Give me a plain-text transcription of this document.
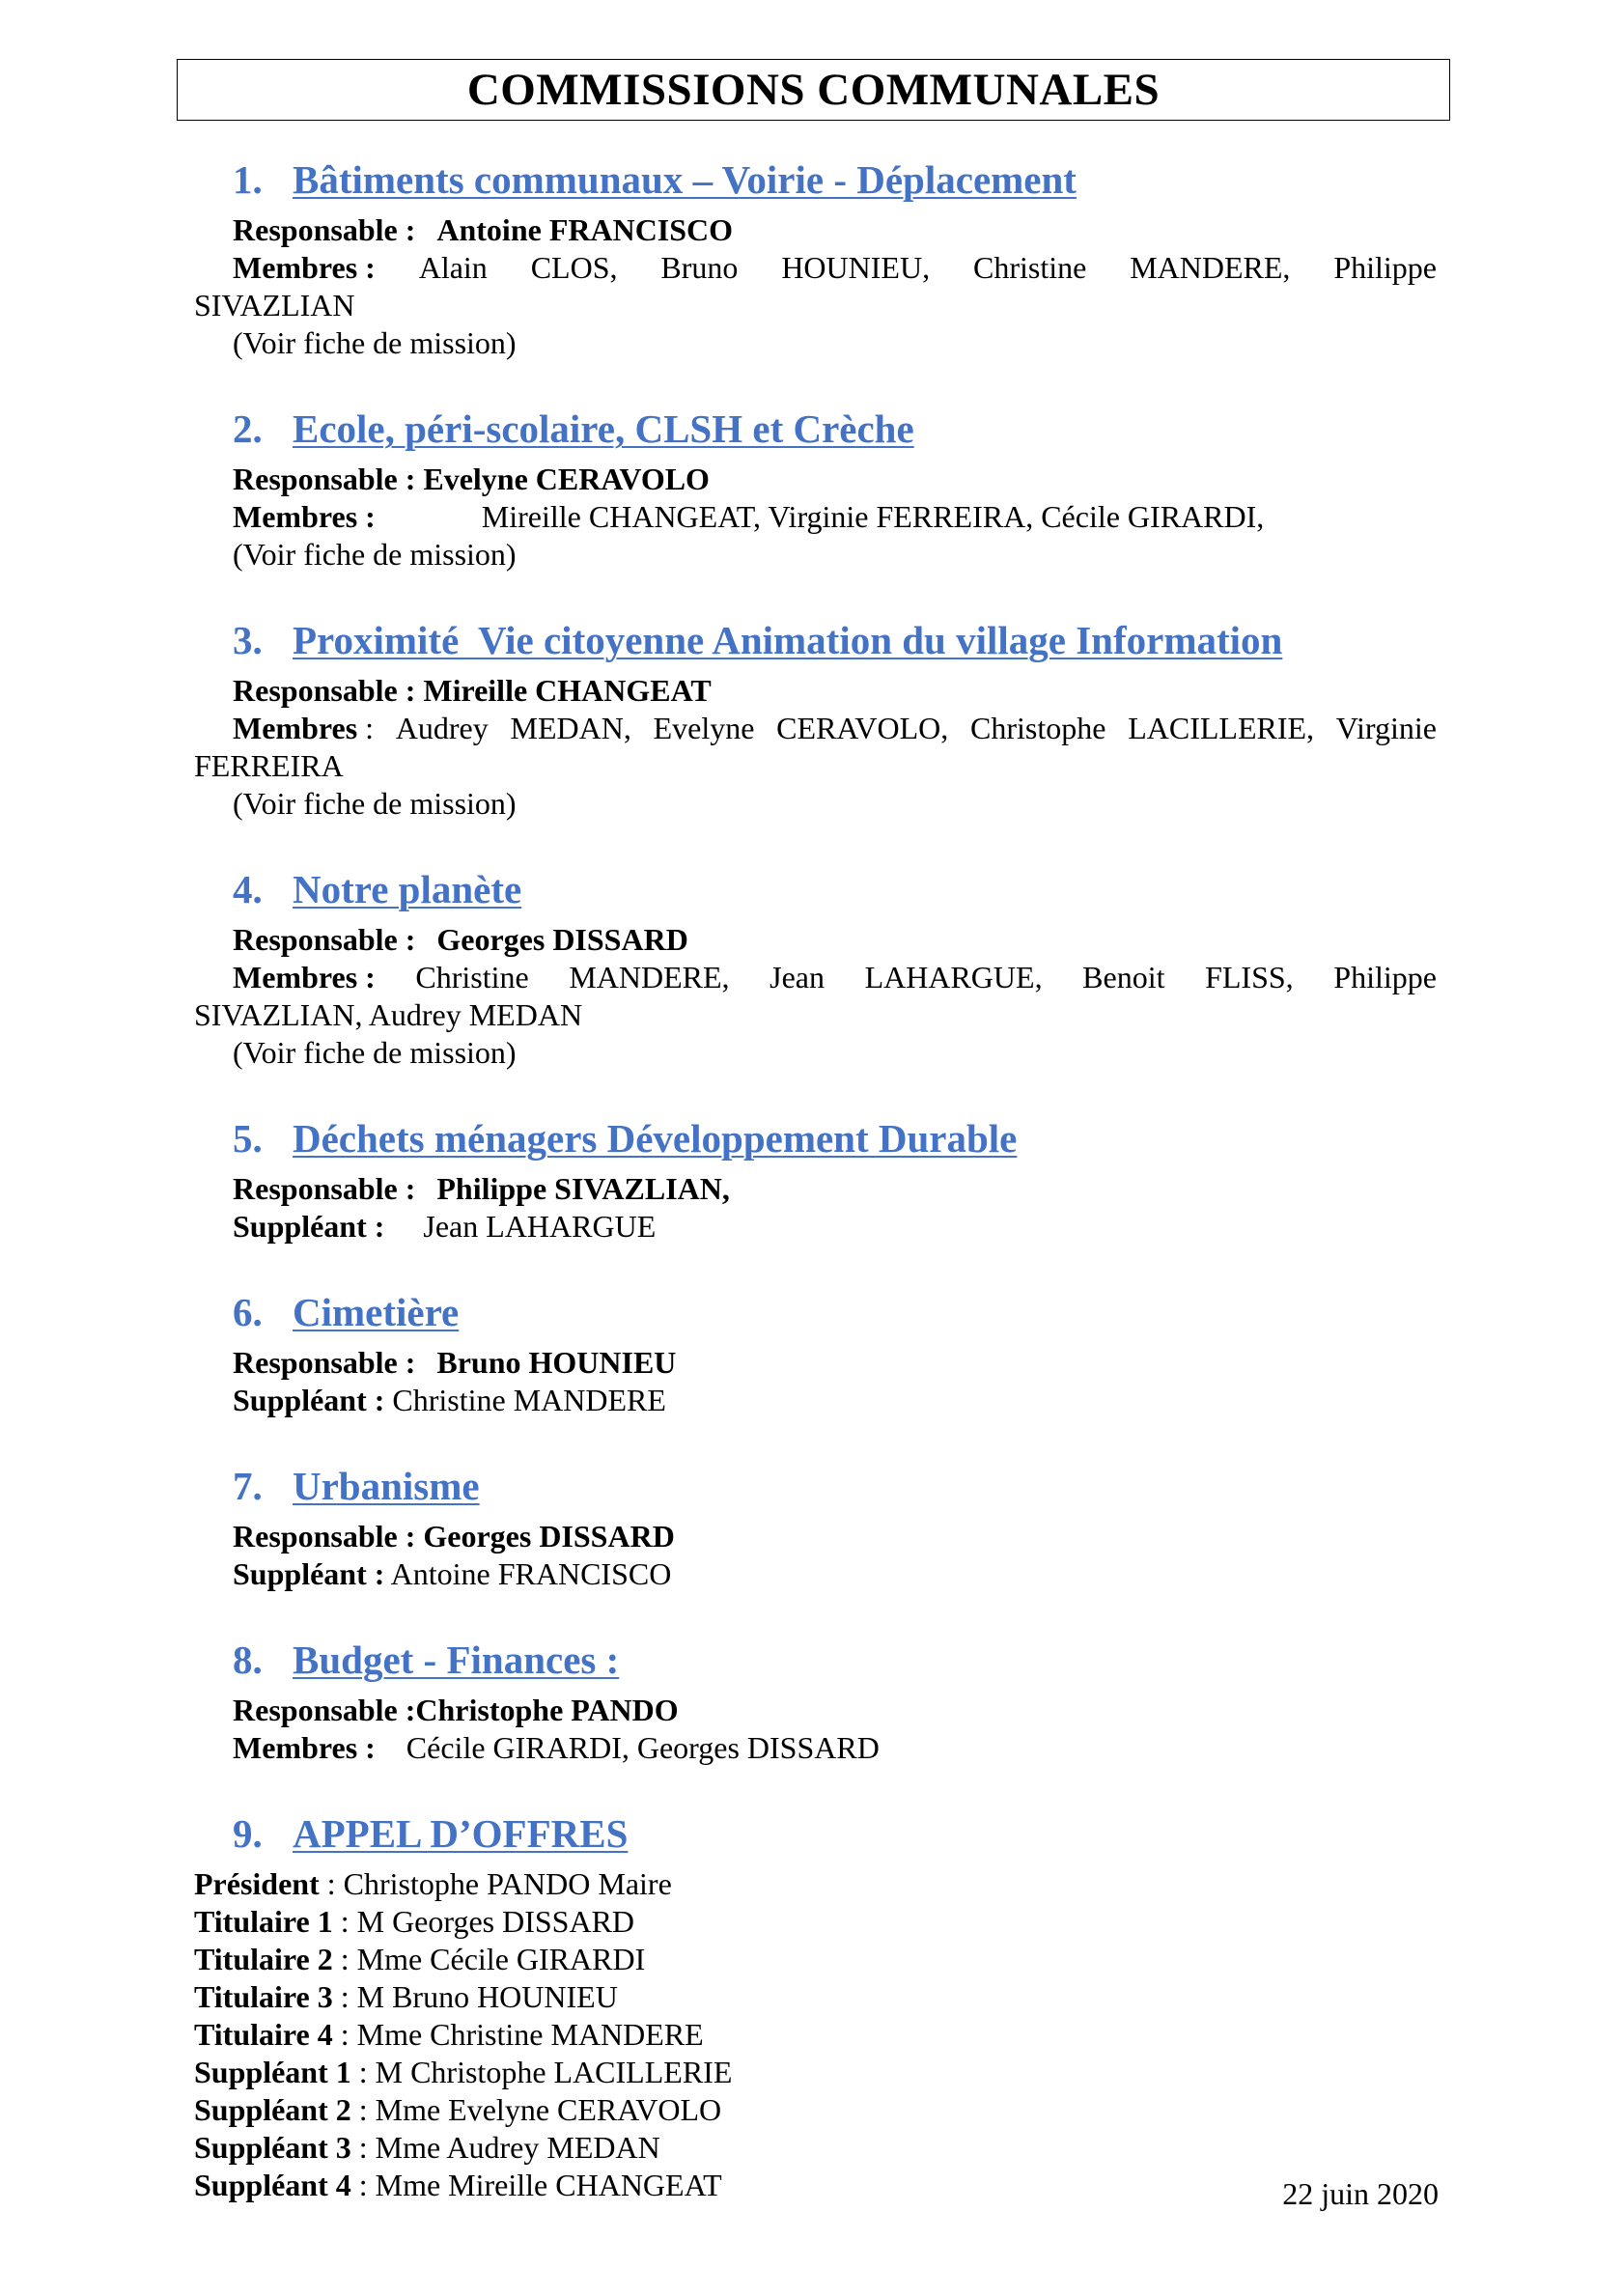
COMMISSIONS COMMUNALES
1. Bâtiments communaux – Voirie - Déplacement
Responsable : Antoine FRANCISCO
Membres : Alain CLOS, Bruno HOUNIEU, Christine MANDERE, Philippe
SIVAZLIAN
(Voir fiche de mission)
2. Ecole, péri-scolaire, CLSH et Crèche
Responsable : Evelyne CERAVOLO
Membres :	Mireille CHANGEAT, Virginie FERREIRA, Cécile GIRARDI,
(Voir fiche de mission)
3. Proximité  Vie citoyenne Animation du village Information
Responsable : Mireille CHANGEAT
Membres : Audrey MEDAN, Evelyne CERAVOLO, Christophe LACILLERIE, Virginie
FERREIRA
(Voir fiche de mission)
4. Notre planète
Responsable : Georges DISSARD
Membres : Christine MANDERE, Jean LAHARGUE, Benoit FLISS, Philippe
SIVAZLIAN, Audrey MEDAN
(Voir fiche de mission)
5. Déchets ménagers Développement Durable
Responsable : Philippe SIVAZLIAN,
Suppléant : Jean LAHARGUE
6. Cimetière
Responsable : Bruno HOUNIEU
Suppléant : Christine MANDERE
7. Urbanisme
Responsable : Georges DISSARD
Suppléant : Antoine FRANCISCO
8. Budget - Finances :
Responsable :Christophe PANDO
Membres : Cécile GIRARDI, Georges DISSARD
9. APPEL D’OFFRES
Président : Christophe PANDO Maire
Titulaire 1 : M Georges DISSARD
Titulaire 2 : Mme Cécile GIRARDI
Titulaire 3 : M Bruno HOUNIEU
Titulaire 4 : Mme Christine MANDERE
Suppléant 1 : M Christophe LACILLERIE
Suppléant 2 : Mme Evelyne CERAVOLO
Suppléant 3 : Mme Audrey MEDAN
Suppléant 4 : Mme Mireille CHANGEAT	22 juin 2020
